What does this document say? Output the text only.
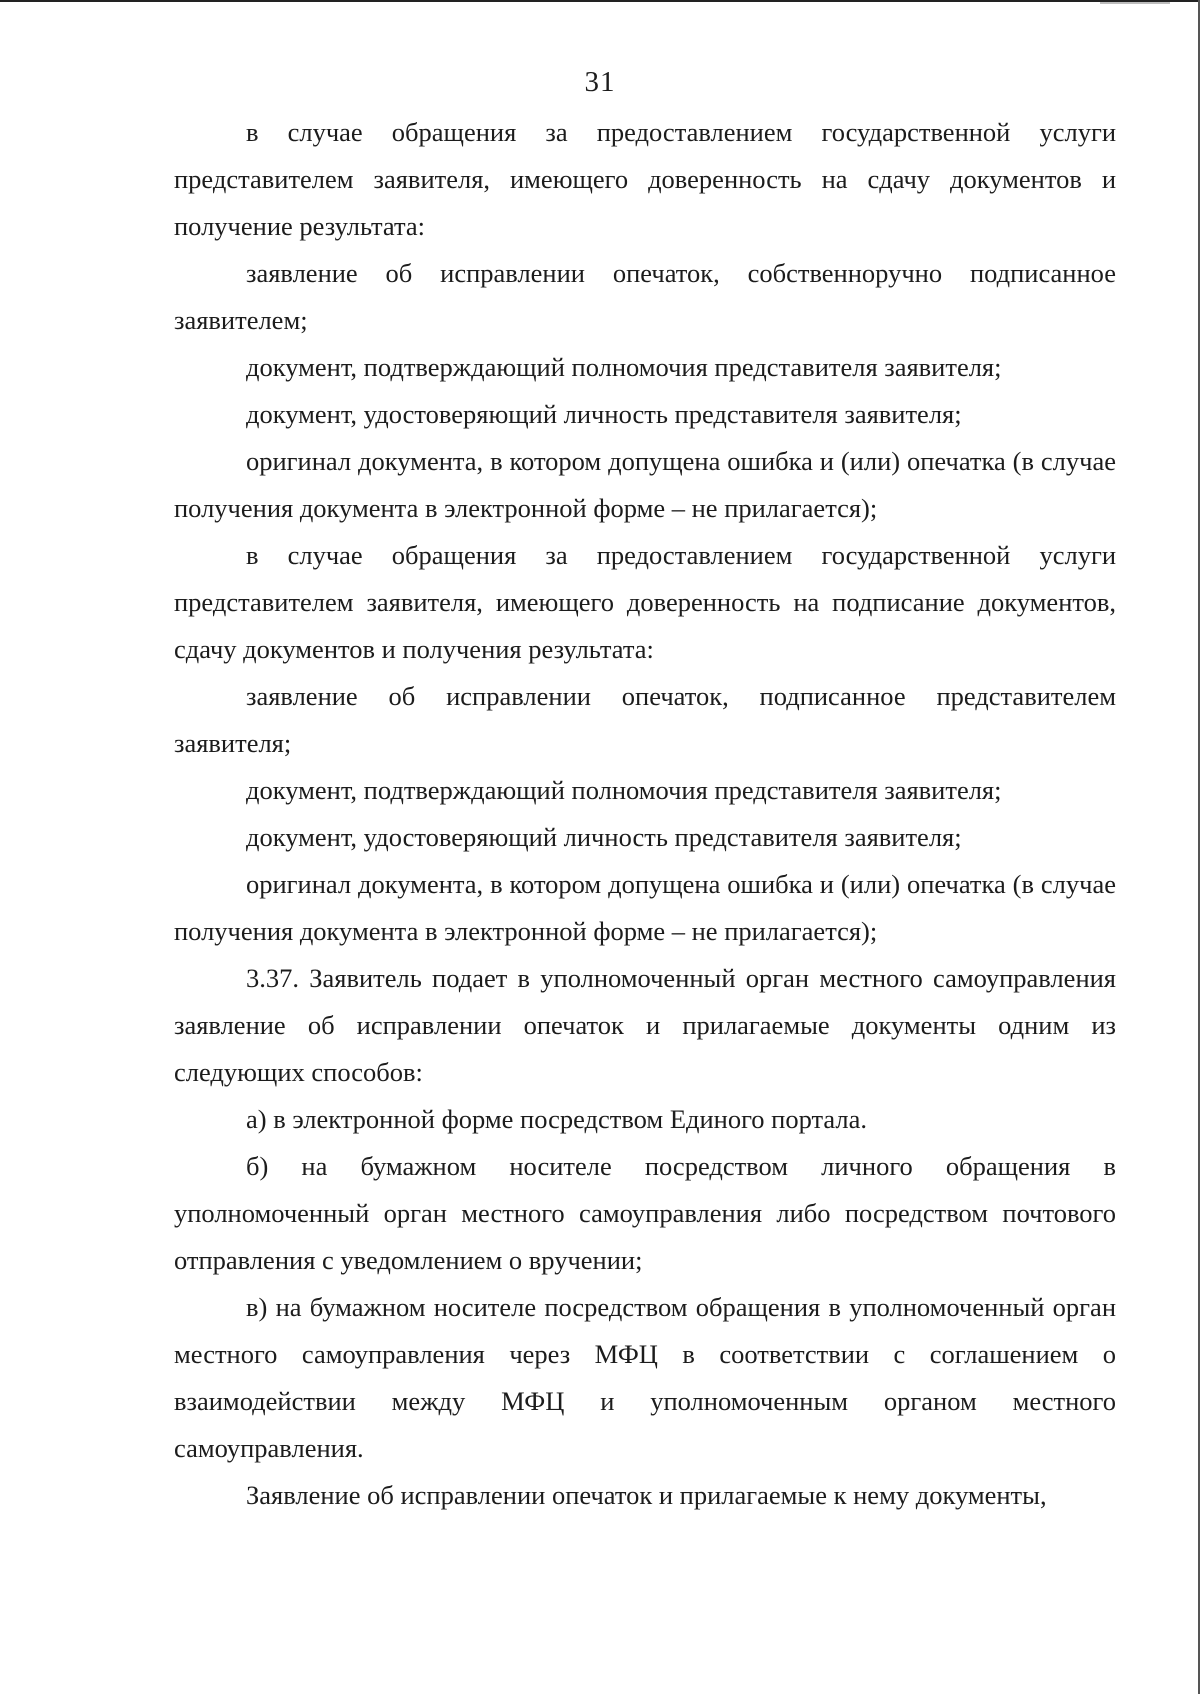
31

в случае обращения за предоставлением государственной услуги представителем заявителя, имеющего доверенность на сдачу документов и получение результата:

заявление об исправлении опечаток, собственноручно подписанное заявителем;

документ, подтверждающий полномочия представителя заявителя;

документ, удостоверяющий личность представителя заявителя;

оригинал документа, в котором допущена ошибка и (или) опечатка (в случае получения документа в электронной форме – не прилагается);

в случае обращения за предоставлением государственной услуги представителем заявителя, имеющего доверенность на подписание документов, сдачу документов и получения результата:

заявление об исправлении опечаток, подписанное представителем заявителя;

документ, подтверждающий полномочия представителя заявителя;

документ, удостоверяющий личность представителя заявителя;

оригинал документа, в котором допущена ошибка и (или) опечатка (в случае получения документа в электронной форме – не прилагается);

3.37. Заявитель подает в уполномоченный орган местного самоуправления заявление об исправлении опечаток и прилагаемые документы одним из следующих способов:

а) в электронной форме посредством Единого портала.

б) на бумажном носителе посредством личного обращения в уполномоченный орган местного самоуправления либо посредством почтового отправления с уведомлением о вручении;

в) на бумажном носителе посредством обращения в уполномоченный орган местного самоуправления через МФЦ в соответствии с соглашением о взаимодействии между МФЦ и уполномоченным органом местного самоуправления.

Заявление об исправлении опечаток и прилагаемые к нему документы,
